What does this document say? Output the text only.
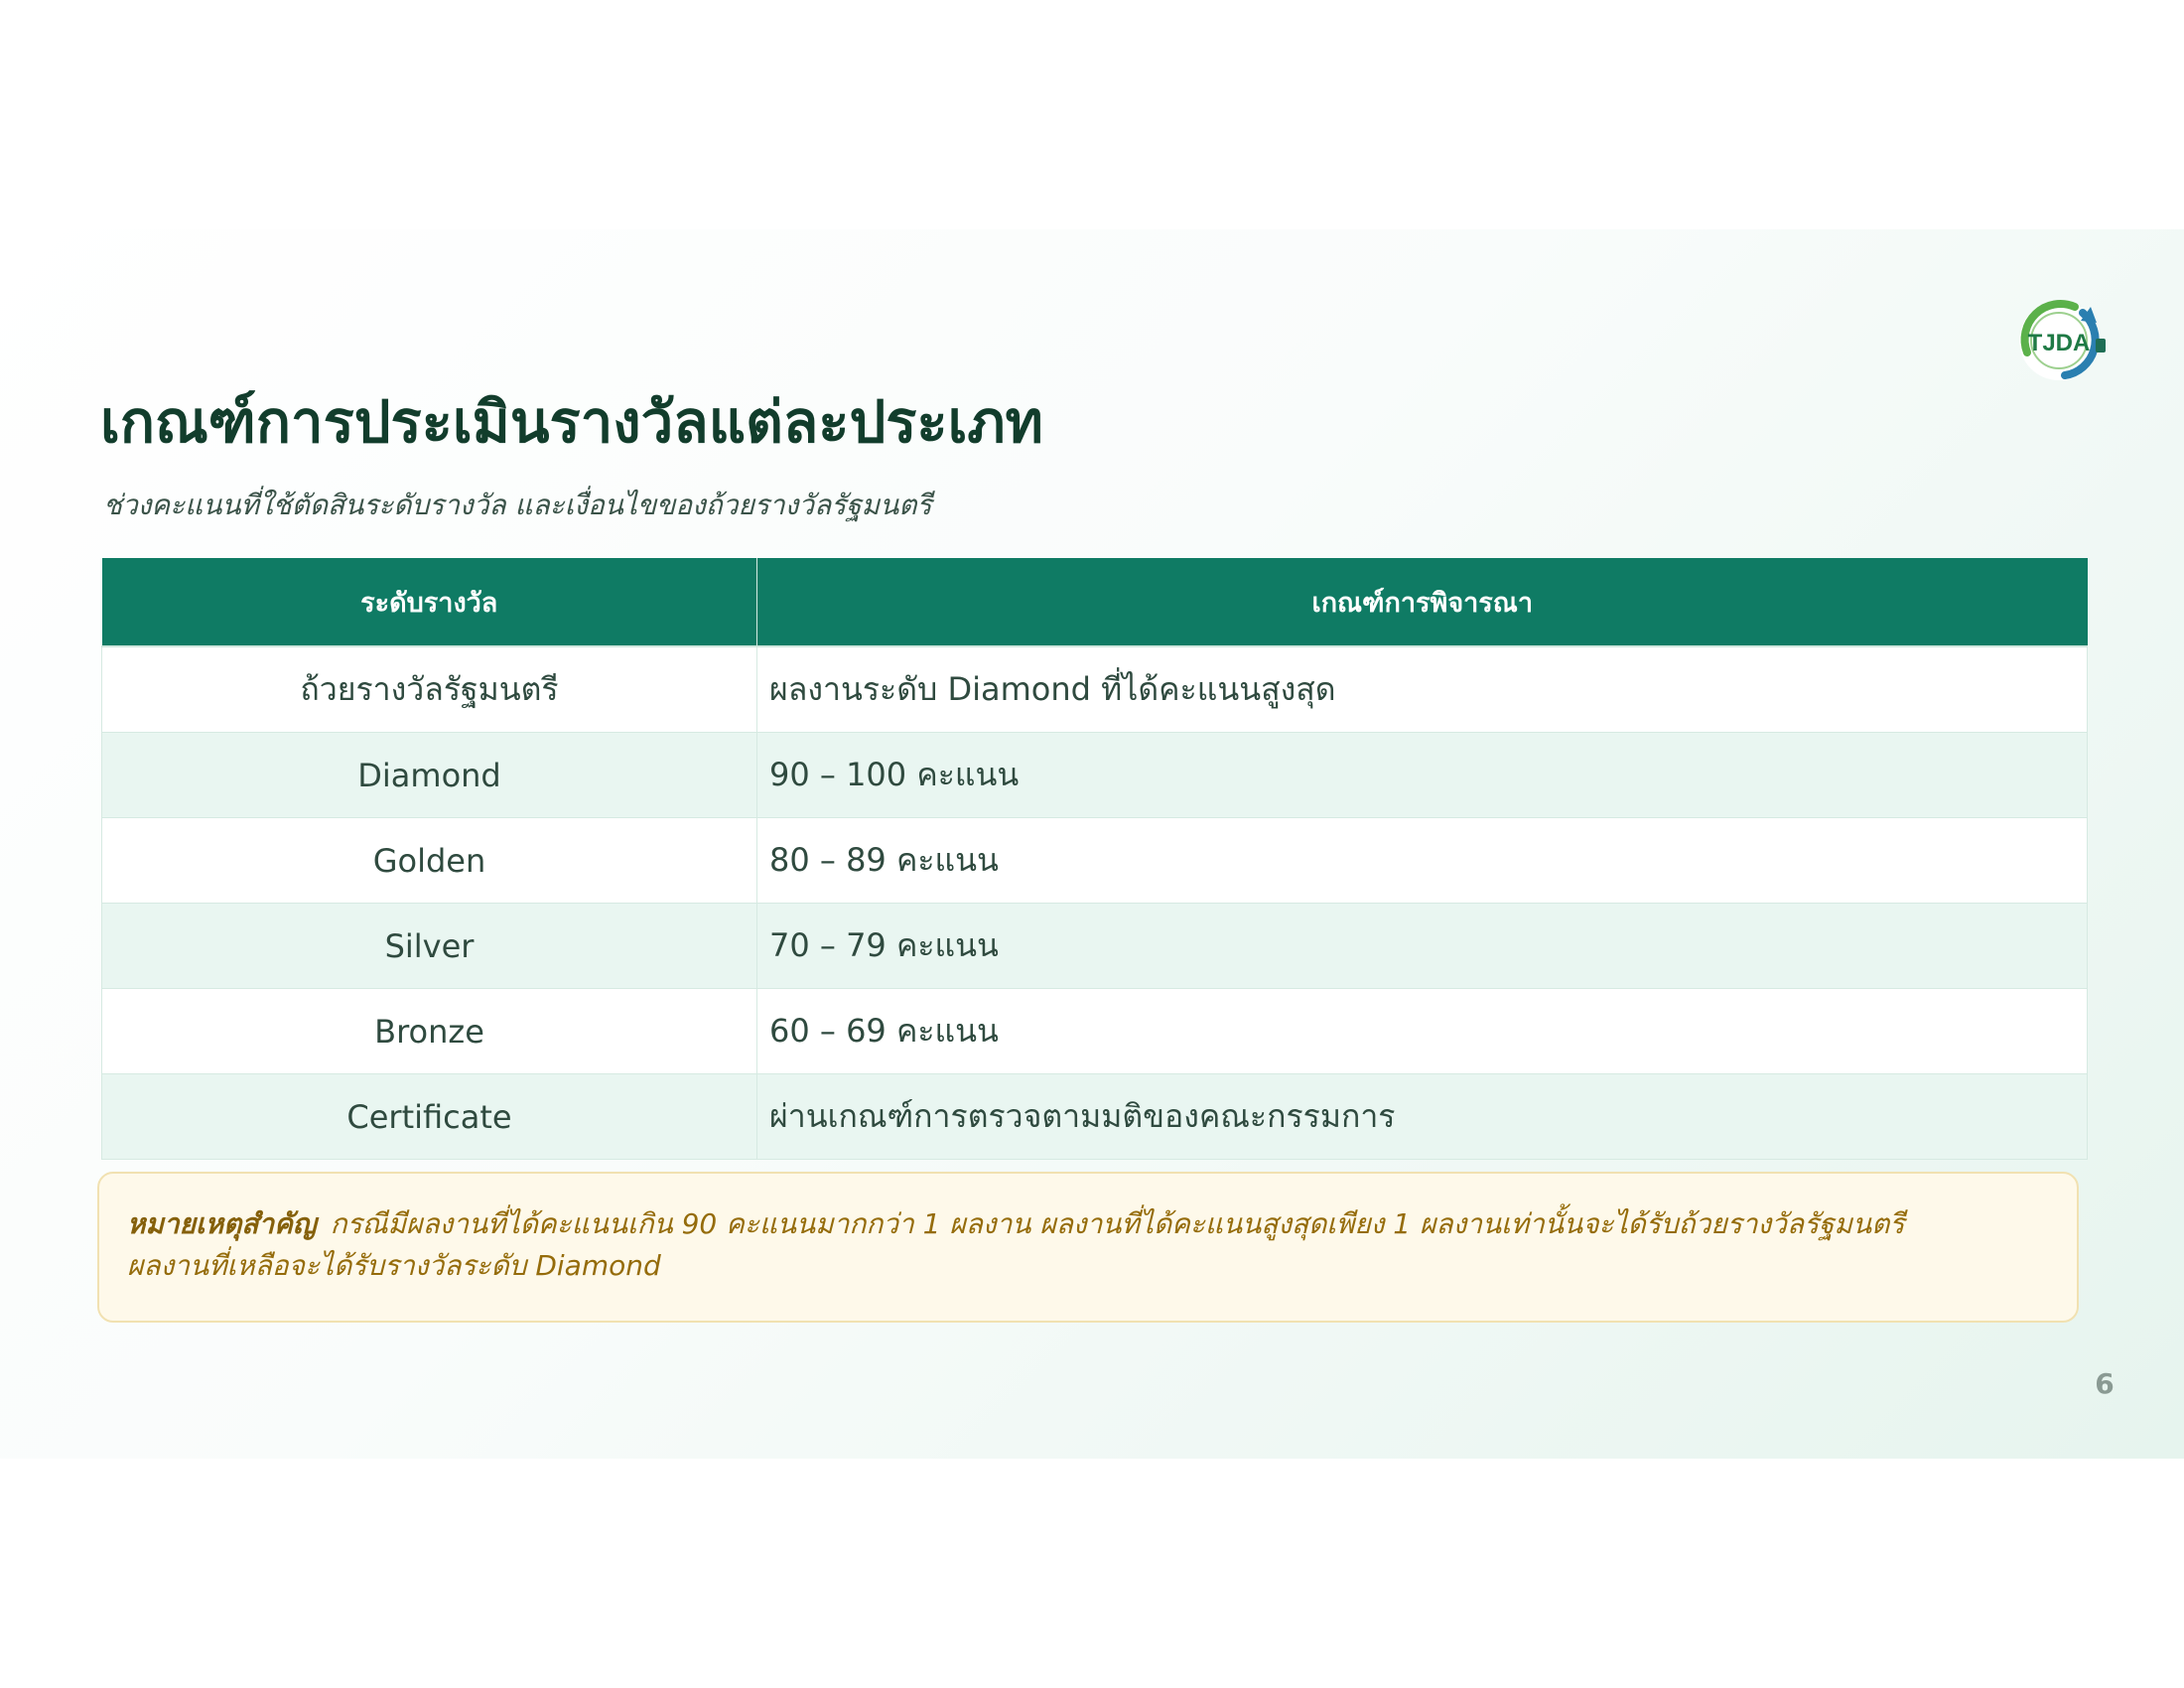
TJDA
เกณฑ์การประเมินรางวัลแต่ละประเภท
ช่วงคะแนนที่ใช้ตัดสินระดับรางวัล และเงื่อนไขของถ้วยรางวัลรัฐมนตรี
ระดับรางวัล	เกณฑ์การพิจารณา
ถ้วยรางวัลรัฐมนตรี	ผลงานระดับ Diamond ที่ได้คะแนนสูงสุด
Diamond	90 – 100 คะแนน
Golden	80 – 89 คะแนน
Silver	70 – 79 คะแนน
Bronze	60 – 69 คะแนน
Certificate	ผ่านเกณฑ์การตรวจตามมติของคณะกรรมการ
หมายเหตุสำคัญ กรณีมีผลงานที่ได้คะแนนเกิน 90 คะแนนมากกว่า 1 ผลงาน ผลงานที่ได้คะแนนสูงสุดเพียง 1 ผลงานเท่านั้นจะได้รับถ้วยรางวัลรัฐมนตรี
ผลงานที่เหลือจะได้รับรางวัลระดับ Diamond
6
